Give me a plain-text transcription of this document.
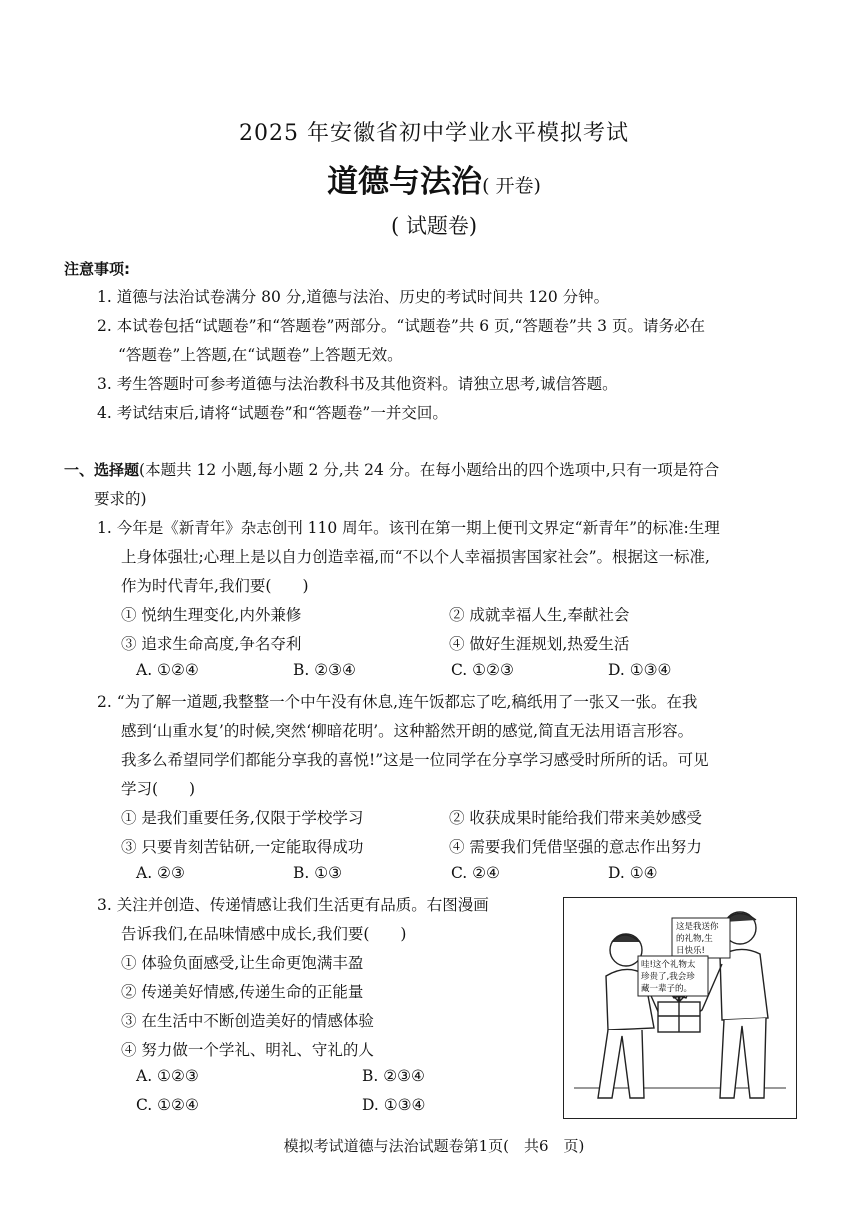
2025 年安徽省初中学业水平模拟考试
道德与法治( 开卷)
( 试题卷)
注意事项:
1. 道德与法治试卷满分 80 分,道德与法治、历史的考试时间共 120 分钟。
2. 本试卷包括“试题卷”和“答题卷”两部分。“试题卷”共 6 页,“答题卷”共 3 页。请务必在
“答题卷”上答题,在“试题卷”上答题无效。
3. 考生答题时可参考道德与法治教科书及其他资料。请独立思考,诚信答题。
4. 考试结束后,请将“试题卷”和“答题卷”一并交回。
一、选择题(本题共 12 小题,每小题 2 分,共 24 分。在每小题给出的四个选项中,只有一项是符合
要求的)
1. 今年是《新青年》杂志创刊 110 周年。该刊在第一期上便刊文界定“新青年”的标准:生理
上身体强壮;心理上是以自力创造幸福,而“不以个人幸福损害国家社会”。根据这一标准,
作为时代青年,我们要(　　)
① 悦纳生理变化,内外兼修	② 成就幸福人生,奉献社会
③ 追求生命高度,争名夺利	④ 做好生涯规划,热爱生活
A. ①②④	B. ②③④	C. ①②③	D. ①③④
2. “为了解一道题,我整整一个中午没有休息,连午饭都忘了吃,稿纸用了一张又一张。在我
感到‘山重水复’的时候,突然‘柳暗花明’。这种豁然开朗的感觉,简直无法用语言形容。
我多么希望同学们都能分享我的喜悦!”这是一位同学在分享学习感受时所所的话。可见
学习(　　)
① 是我们重要任务,仅限于学校学习	② 收获成果时能给我们带来美妙感受
③ 只要肯刻苦钻研,一定能取得成功	④ 需要我们凭借坚强的意志作出努力
A. ②③	B. ①③	C. ②④	D. ①④
3. 关注并创造、传递情感让我们生活更有品质。右图漫画
告诉我们,在品味情感中成长,我们要(　　)
① 体验负面感受,让生命更饱满丰盈
② 传递美好情感,传递生命的正能量
③ 在生活中不断创造美好的情感体验
④ 努力做一个学礼、明礼、守礼的人
A. ①②③	B. ②③④
C. ①②④	D. ①③④
这是我送你
的礼物,生
日快乐!
哇!这个礼物太
珍贵了,我会珍
藏一辈子的。
模拟考试道德与法治试题卷第1页(　共6　页)
